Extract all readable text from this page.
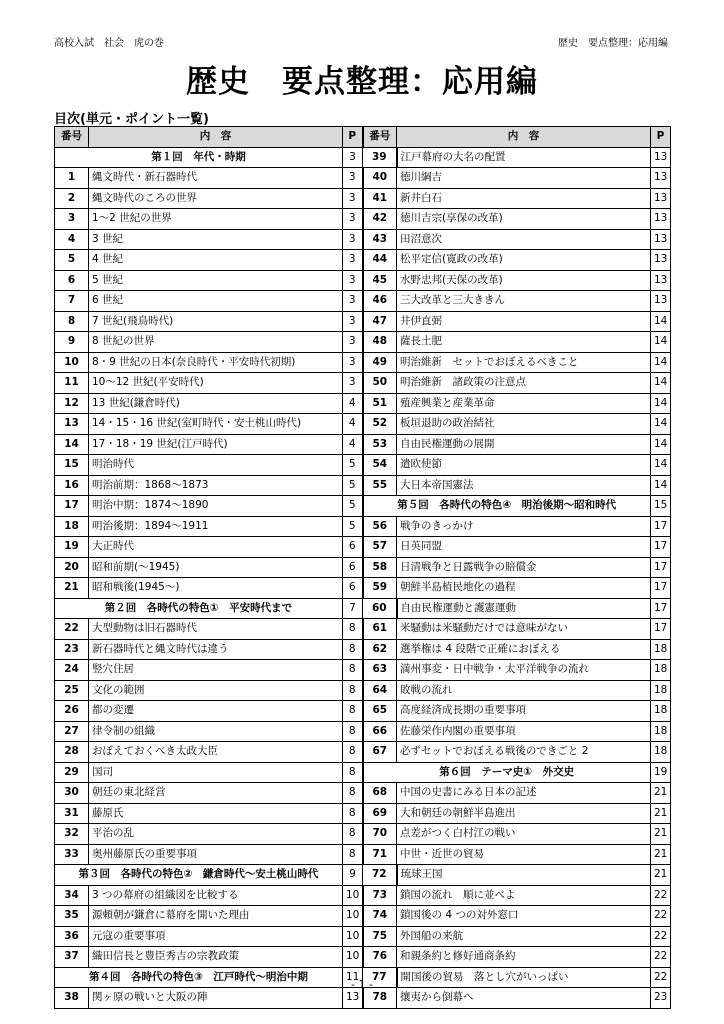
高校入試　社会　虎の巻	歴史　要点整理：応用編
歴史　要点整理：応用編
目次(単元・ポイント一覧)
番号	内　容	P	番号	内　容	P
第１回　年代・時期		3	39	江戸幕府の大名の配置	13
1	縄文時代・新石器時代	3	40	徳川綱吉	13
2	縄文時代のころの世界	3	41	新井白石	13
3	1～2 世紀の世界	3	42	徳川吉宗(享保の改革)	13
4	3 世紀	3	43	田沼意次	13
5	4 世紀	3	44	松平定信(寛政の改革)	13
6	5 世紀	3	45	水野忠邦(天保の改革)	13
7	6 世紀	3	46	三大改革と三大ききん	13
8	7 世紀(飛鳥時代)	3	47	井伊直弼	14
9	8 世紀の世界	3	48	薩長土肥	14
10	8・9 世紀の日本(奈良時代・平安時代初期)	3	49	明治維新　セットでおぼえるべきこと	14
11	10～12 世紀(平安時代)	3	50	明治維新　諸政策の注意点	14
12	13 世紀(鎌倉時代)	4	51	殖産興業と産業革命	14
13	14・15・16 世紀(室町時代・安土桃山時代)	4	52	板垣退助の政治結社	14
14	17・18・19 世紀(江戸時代)	4	53	自由民権運動の展開	14
15	明治時代	5	54	遣欧使節	14
16	明治前期：1868～1873	5	55	大日本帝国憲法	14
17	明治中期：1874～1890	5	第５回　各時代の特色④　明治後期～昭和時代		15
18	明治後期：1894～1911	5	56	戦争のきっかけ	17
19	大正時代	6	57	日英同盟	17
20	昭和前期(～1945)	6	58	日清戦争と日露戦争の賠償金	17
21	昭和戦後(1945～)	6	59	朝鮮半島植民地化の過程	17
第２回　各時代の特色①　平安時代まで		7	60	自由民権運動と護憲運動	17
22	大型動物は旧石器時代	8	61	米騒動は米騒動だけでは意味がない	17
23	新石器時代と縄文時代は違う	8	62	選挙権は 4 段階で正確におぼえる	18
24	竪穴住居	8	63	満州事変・日中戦争・太平洋戦争の流れ	18
25	文化の範囲	8	64	敗戦の流れ	18
26	都の変遷	8	65	高度経済成長期の重要事項	18
27	律令制の組織	8	66	佐藤栄作内閣の重要事項	18
28	おぼえておくべき太政大臣	8	67	必ずセットでおぼえる戦後のできごと 2	18
29	国司	8	第６回　テーマ史①　外交史		19
30	朝廷の東北経営	8	68	中国の史書にみる日本の記述	21
31	藤原氏	8	69	大和朝廷の朝鮮半島進出	21
32	平治の乱	8	70	点差がつく白村江の戦い	21
33	奥州藤原氏の重要事項	8	71	中世・近世の貿易	21
第３回　各時代の特色②　鎌倉時代～安土桃山時代		9	72	琉球王国	21
34	3 つの幕府の組織図を比較する	10	73	鎖国の流れ　順に並べよ	22
35	源頼朝が鎌倉に幕府を開いた理由	10	74	鎖国後の 4 つの対外窓口	22
36	元寇の重要事項	10	75	外国船の来航	22
37	織田信長と豊臣秀吉の宗教政策	10	76	和親条約と修好通商条約	22
第４回　各時代の特色③　江戸時代～明治中期		11	77	開国後の貿易　落とし穴がいっぱい	22
38	関ヶ原の戦いと大阪の陣	13	78	攘夷から倒幕へ	23
- 1 -
